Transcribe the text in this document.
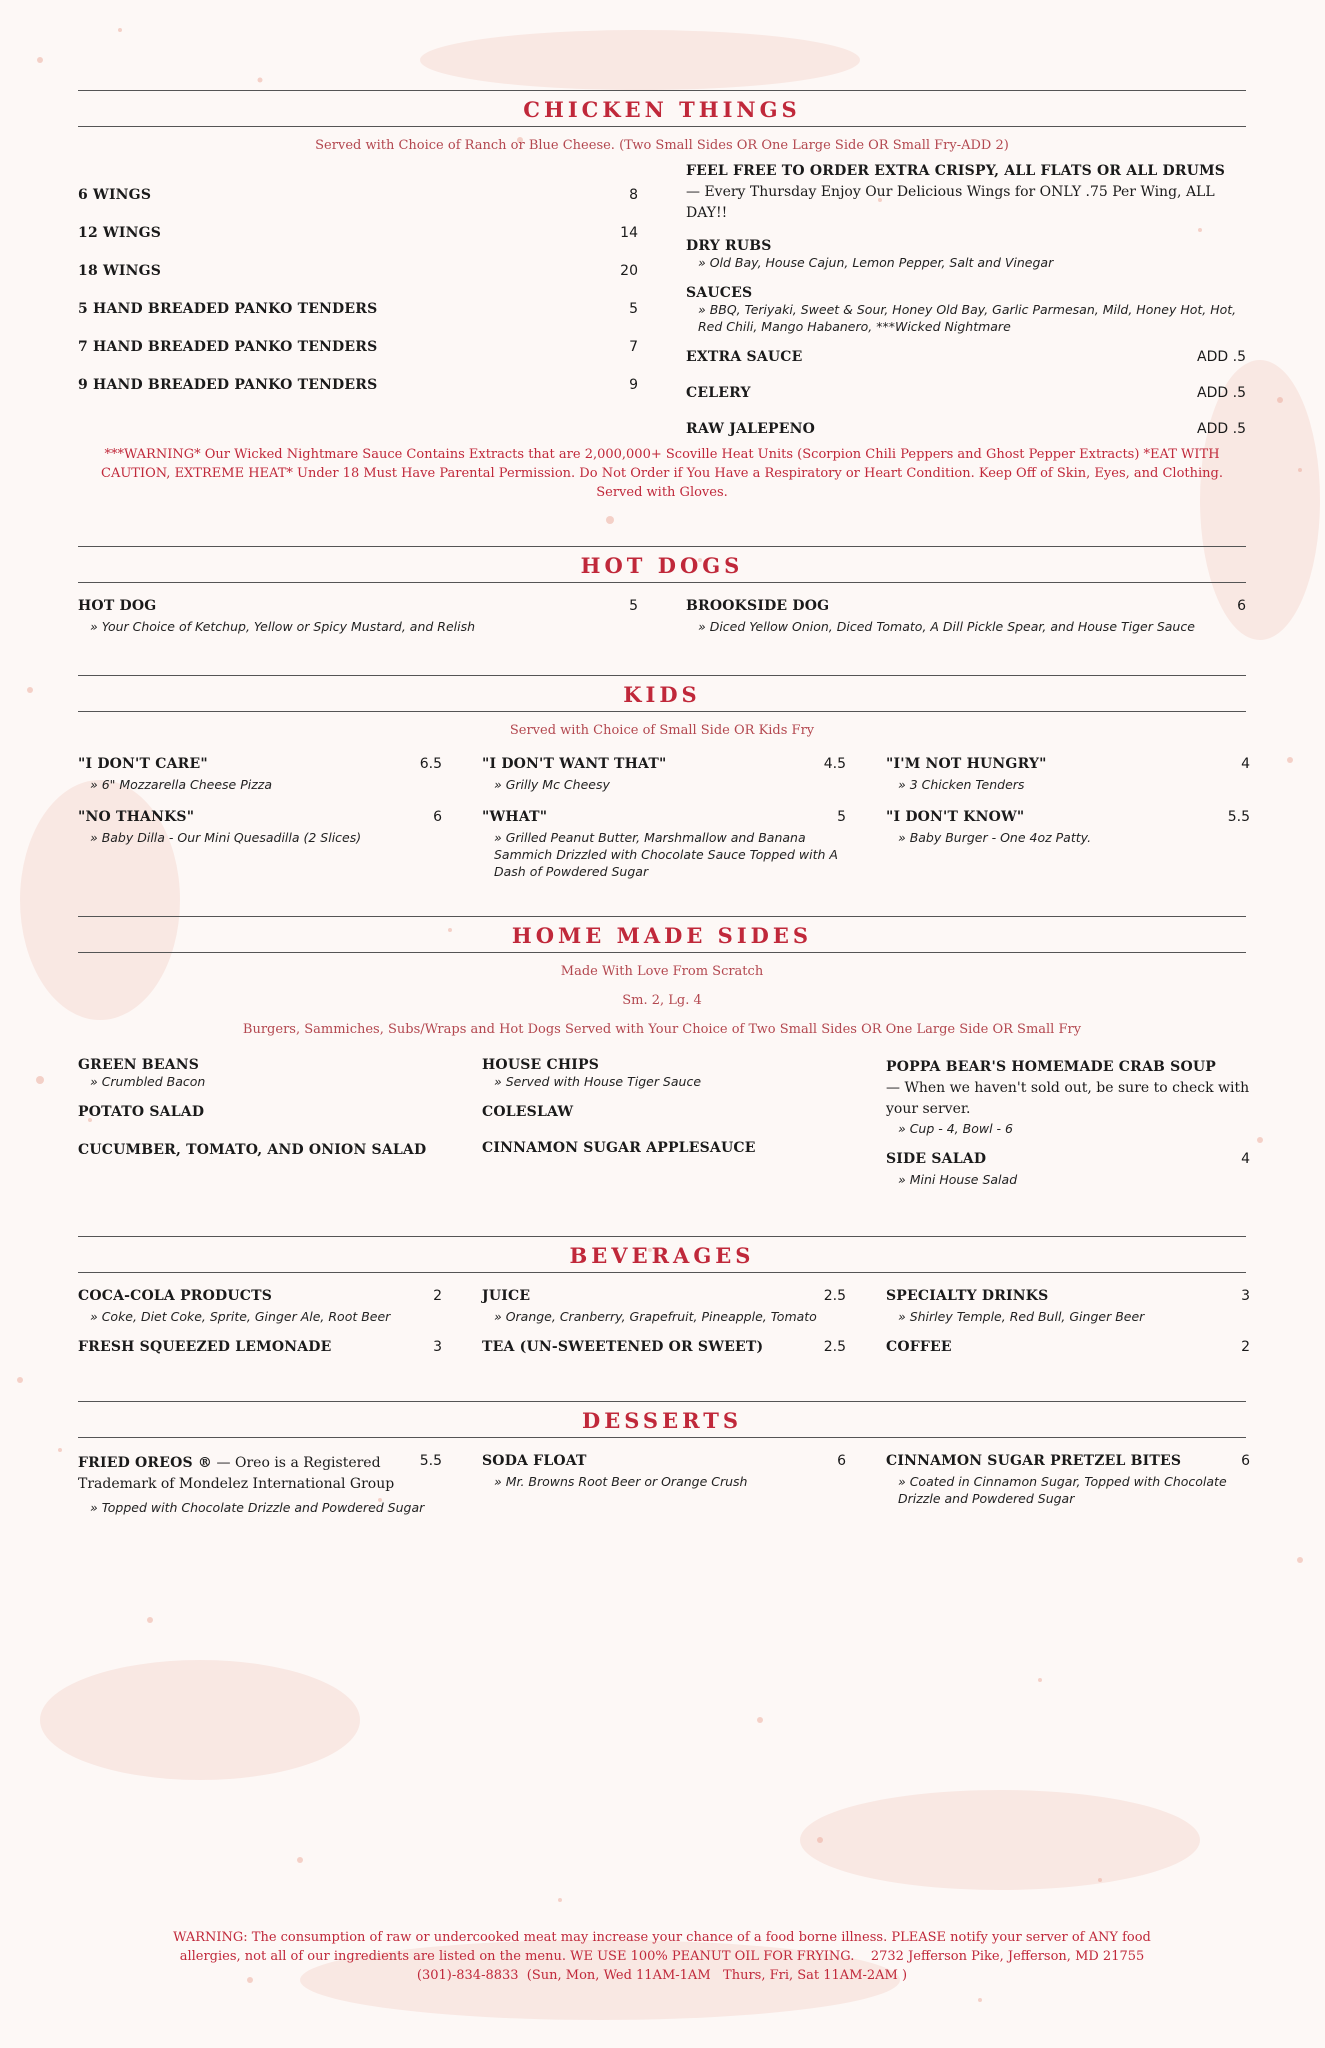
CHICKEN THINGS
Served with Choice of Ranch or Blue Cheese. (Two Small Sides OR One Large Side OR Small Fry-ADD 2)
6 WINGS	8
12 WINGS	14
18 WINGS	20
5 HAND BREADED PANKO TENDERS	5
7 HAND BREADED PANKO TENDERS	7
9 HAND BREADED PANKO TENDERS	9
FEEL FREE TO ORDER EXTRA CRISPY, ALL FLATS OR ALL DRUMS
— Every Thursday Enjoy Our Delicious Wings for ONLY .75 Per Wing, ALL DAY!!
DRY RUBS
» Old Bay, House Cajun, Lemon Pepper, Salt and Vinegar
SAUCES
» BBQ, Teriyaki, Sweet & Sour, Honey Old Bay, Garlic Parmesan, Mild, Honey Hot, Hot, Red Chili, Mango Habanero, ***Wicked Nightmare
EXTRA SAUCE	ADD .5
CELERY	ADD .5
RAW JALEPENO	ADD .5
***WARNING* Our Wicked Nightmare Sauce Contains Extracts that are 2,000,000+ Scoville Heat Units (Scorpion Chili Peppers and Ghost Pepper Extracts) *EAT WITH CAUTION, EXTREME HEAT* Under 18 Must Have Parental Permission. Do Not Order if You Have a Respiratory or Heart Condition. Keep Off of Skin, Eyes, and Clothing. Served with Gloves.
HOT DOGS
HOT DOG	5
» Your Choice of Ketchup, Yellow or Spicy Mustard, and Relish
BROOKSIDE DOG	6
» Diced Yellow Onion, Diced Tomato, A Dill Pickle Spear, and House Tiger Sauce
KIDS
Served with Choice of Small Side OR Kids Fry
"I DON'T CARE"	6.5
» 6" Mozzarella Cheese Pizza
"I DON'T WANT THAT"	4.5
» Grilly Mc Cheesy
"I'M NOT HUNGRY"	4
» 3 Chicken Tenders
"NO THANKS"	6
» Baby Dilla - Our Mini Quesadilla (2 Slices)
"WHAT"	5
» Grilled Peanut Butter, Marshmallow and Banana Sammich Drizzled with Chocolate Sauce Topped with A Dash of Powdered Sugar
"I DON'T KNOW"	5.5
» Baby Burger - One 4oz Patty.
HOME MADE SIDES
Made With Love From Scratch
Sm. 2, Lg. 4
Burgers, Sammiches, Subs/Wraps and Hot Dogs Served with Your Choice of Two Small Sides OR One Large Side OR Small Fry
GREEN BEANS
» Crumbled Bacon
POTATO SALAD
CUCUMBER, TOMATO, AND ONION SALAD
HOUSE CHIPS
» Served with House Tiger Sauce
COLESLAW
CINNAMON SUGAR APPLESAUCE
POPPA BEAR'S HOMEMADE CRAB SOUP
— When we haven't sold out, be sure to check with your server.
» Cup - 4, Bowl - 6
SIDE SALAD	4
» Mini House Salad
BEVERAGES
COCA-COLA PRODUCTS	2
» Coke, Diet Coke, Sprite, Ginger Ale, Root Beer
FRESH SQUEEZED LEMONADE	3
JUICE	2.5
» Orange, Cranberry, Grapefruit, Pineapple, Tomato
TEA (UN-SWEETENED OR SWEET)	2.5
SPECIALTY DRINKS	3
» Shirley Temple, Red Bull, Ginger Beer
COFFEE	2
DESSERTS
FRIED OREOS ® — Oreo is a Registered Trademark of Mondelez International Group
5.5
» Topped with Chocolate Drizzle and Powdered Sugar
SODA FLOAT	6
» Mr. Browns Root Beer or Orange Crush
CINNAMON SUGAR PRETZEL BITES	6
» Coated in Cinnamon Sugar, Topped with Chocolate Drizzle and Powdered Sugar
WARNING: The consumption of raw or undercooked meat may increase your chance of a food borne illness. PLEASE notify your server of ANY food
allergies, not all of our ingredients are listed on the menu. WE USE 100% PEANUT OIL FOR FRYING.    2732 Jefferson Pike, Jefferson, MD 21755
(301)-834-8833  (Sun, Mon, Wed 11AM-1AM   Thurs, Fri, Sat 11AM-2AM )
